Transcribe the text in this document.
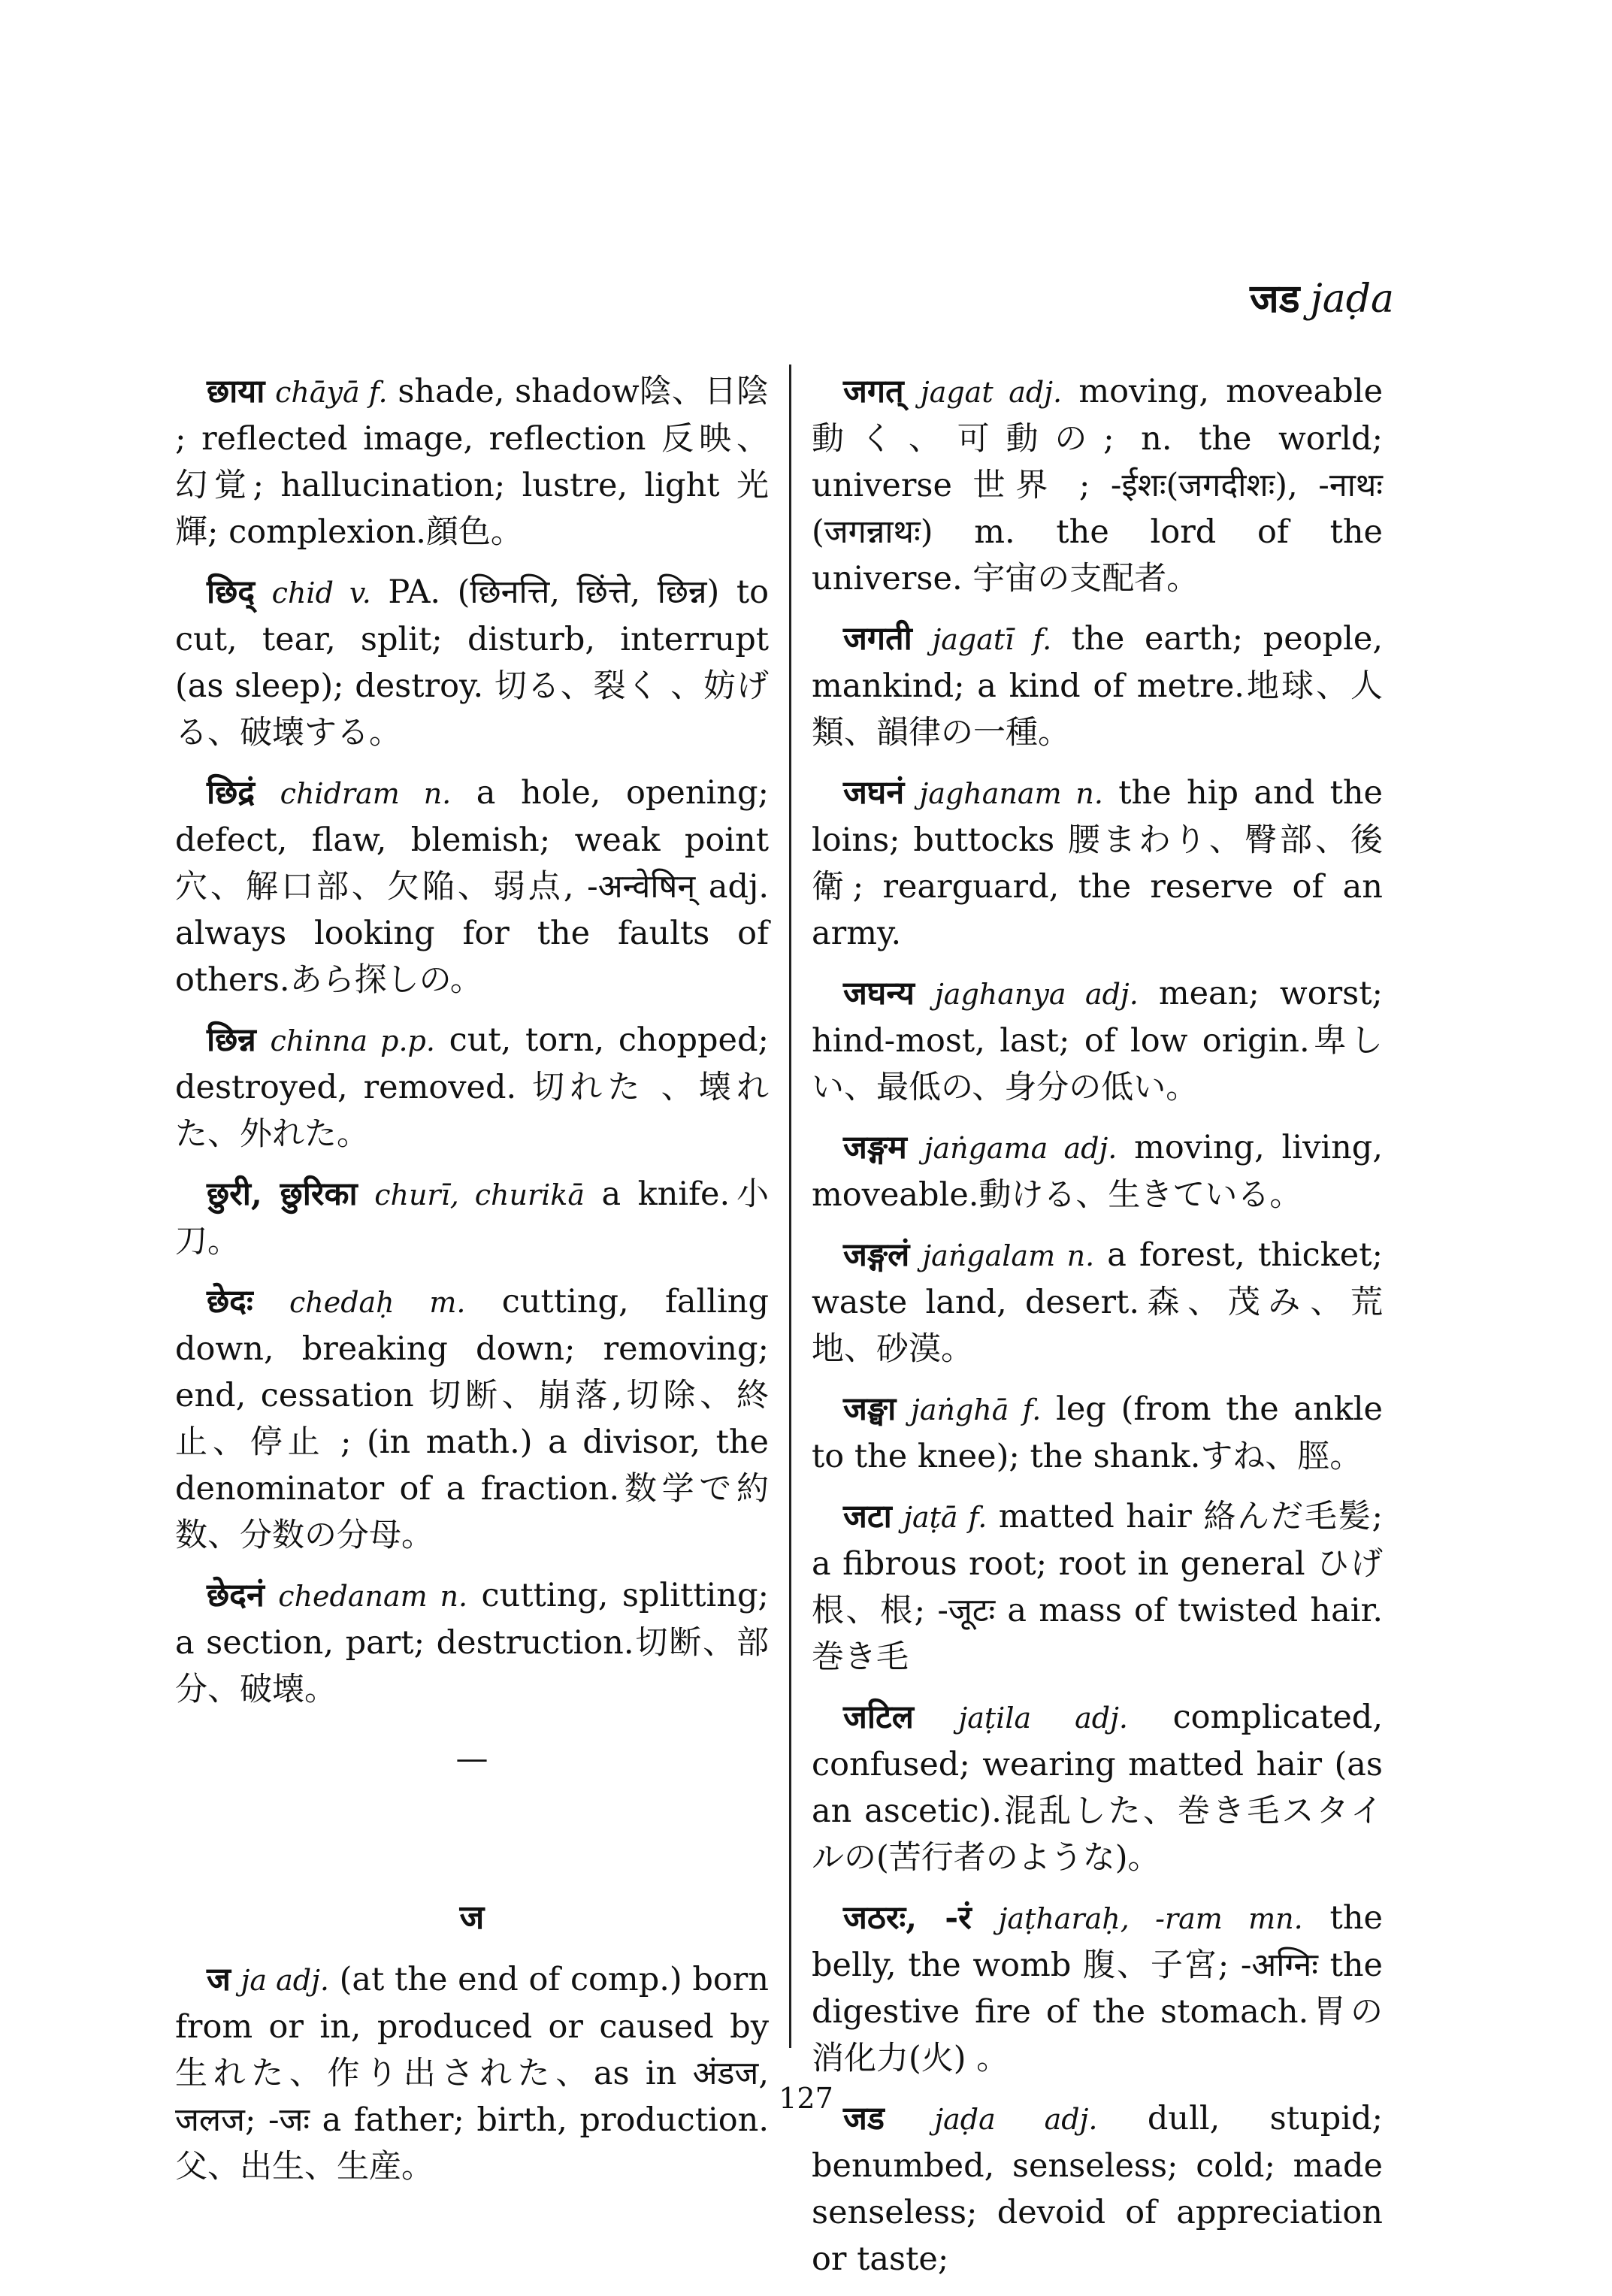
जड jaḍa

छाया chāyā f. shade, shadow陰、日陰 ; reflected image, reflection 反映、幻覚; hallucination; lustre, light 光輝; complexion.顔色。

छिद् chid v. PA. (छिनत्ति, छिंत्ते, छिन्न) to cut, tear, split; disturb, interrupt (as sleep); destroy. 切る、裂く 、妨げる、破壊する。

छिद्रं chidram n. a hole, opening; defect, flaw, blemish; weak point 穴、解口部、欠陥、弱点, -अन्वेषिन् adj. always looking for the faults of others.あら探しの。

छिन्न chinna p.p. cut, torn, chopped; destroyed, removed. 切れた 、壊れた、外れた。

छुरी, छुरिका churī, churikā a knife.小刀。

छेदः chedaḥ m. cutting, falling down, breaking down; removing; end, cessation 切断、崩落,切除、終止、停止 ; (in math.) a divisor, the denominator of a fraction.数学で約数、分数の分母。

छेदनं chedanam n. cutting, splitting; a section, part; destruction.切断、部分、破壊。

—
ज

ज ja adj. (at the end of comp.) born from or in, produced or caused by 生れた、作り出された、as in अंडज, जलज; -जः a father; birth, production. 父、出生、生産。

जगत् jagat adj. moving, moveable 動く、可動の; n. the world; universe 世界 ; -ईशः(जगदीशः), -नाथः (जगन्नाथः) m. the lord of the universe. 宇宙の支配者。

जगती jagatī f. the earth; people, mankind; a kind of metre.地球、人類、韻律の一種。

जघनं jaghanam n. the hip and the loins; buttocks 腰まわり、臀部、後衛; rearguard, the reserve of an army.

जघन्य jaghanya adj. mean; worst; hind-most, last; of low origin.卑しい、最低の、身分の低い。

जङ्गम jaṅgama adj. moving, living, moveable.動ける、生きている。

जङ्गलं jaṅgalam n. a forest, thicket; waste land, desert.森、茂み、荒地、砂漠。

जङ्घा jaṅghā f. leg (from the ankle to the knee); the shank.すね、脛。

जटा jaṭā f. matted hair 絡んだ毛髪; a fibrous root; root in general ひげ根、根; -जूटः a mass of twisted hair.巻き毛

जटिल jaṭila adj. complicated, confused; wearing matted hair (as an ascetic).混乱した、巻き毛スタイルの(苦行者のような)。

जठरः, -रं jaṭharaḥ, -ram mn. the belly, the womb 腹、子宮; -अग्निः the digestive fire of the stomach.胃の消化力(火) 。

जड jaḍa adj. dull, stupid; benumbed, senseless; cold; made senseless; devoid of appreciation or taste;

127
